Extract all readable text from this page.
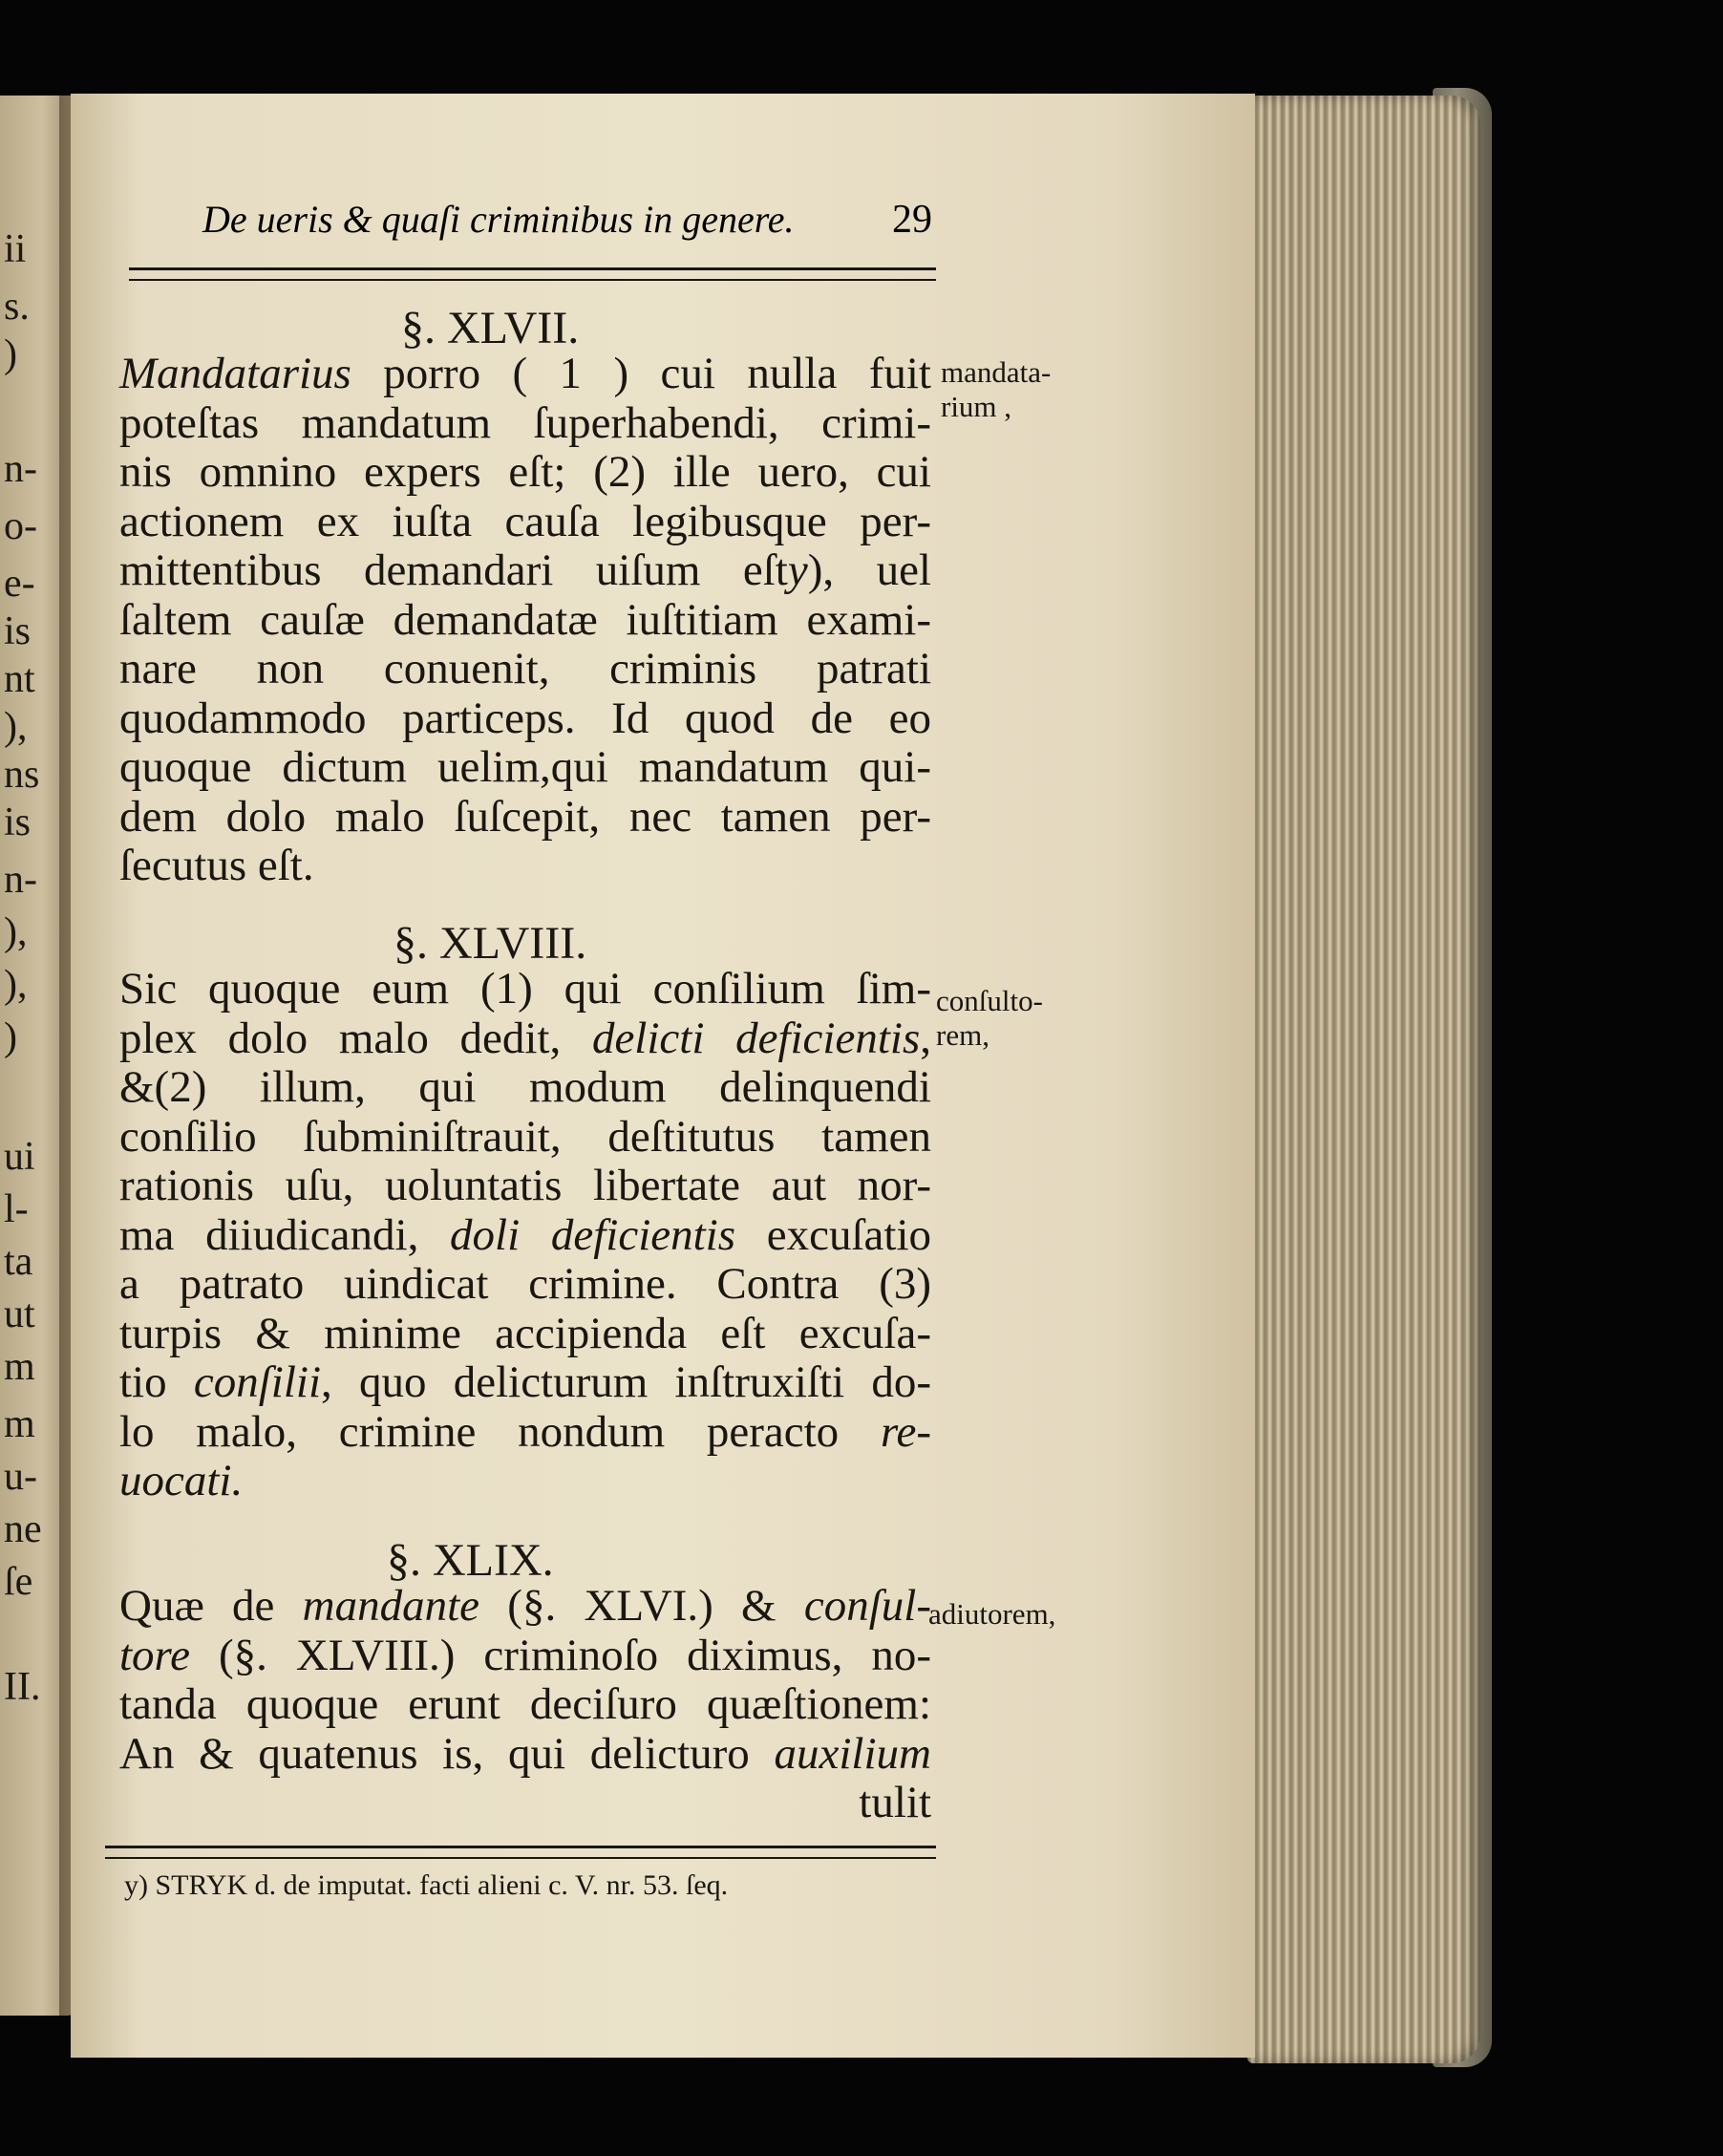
ii
s.
)
n-
o-
e-
is
nt
),
ns
is
n-
),
),
)
ui
l-
ta
ut
m
m
u-
ne
ſe
II.
De ueris & quaſi criminibus in genere. 29
§. XLVII.
Mandatarius porro ( 1 ) cui nulla fuit
poteſtas mandatum ſuperhabendi, crimi-
nis omnino expers eſt; (2) ille uero, cui
actionem ex iuſta cauſa legibusque per-
mittentibus demandari uiſum eſty), uel
ſaltem cauſæ demandatæ iuſtitiam exami-
nare non conuenit, criminis patrati
quodammodo particeps. Id quod de eo
quoque dictum uelim,qui mandatum qui-
dem dolo malo ſuſcepit, nec tamen per-
ſecutus eſt.
mandata-
rium ,
§. XLVIII.
Sic quoque eum (1) qui conſilium ſim-
plex dolo malo dedit, delicti deficientis,
&(2) illum, qui modum delinquendi
conſilio ſubminiſtrauit, deſtitutus tamen
rationis uſu, uoluntatis libertate aut nor-
ma diiudicandi, doli deficientis excuſatio
a patrato uindicat crimine. Contra (3)
turpis & minime accipienda eſt excuſa-
tio conſilii, quo delicturum inſtruxiſti do-
lo malo, crimine nondum peracto re-
uocati.
conſulto-
rem,
§. XLIX.
Quæ de mandante (§. XLVI.) & conſul-
tore (§. XLVIII.) criminoſo diximus, no-
tanda quoque erunt deciſuro quæſtionem:
An & quatenus is, qui delicturo auxilium
tulit
adiutorem,
y) STRYK d. de imputat. facti alieni c. V. nr. 53. ſeq.
